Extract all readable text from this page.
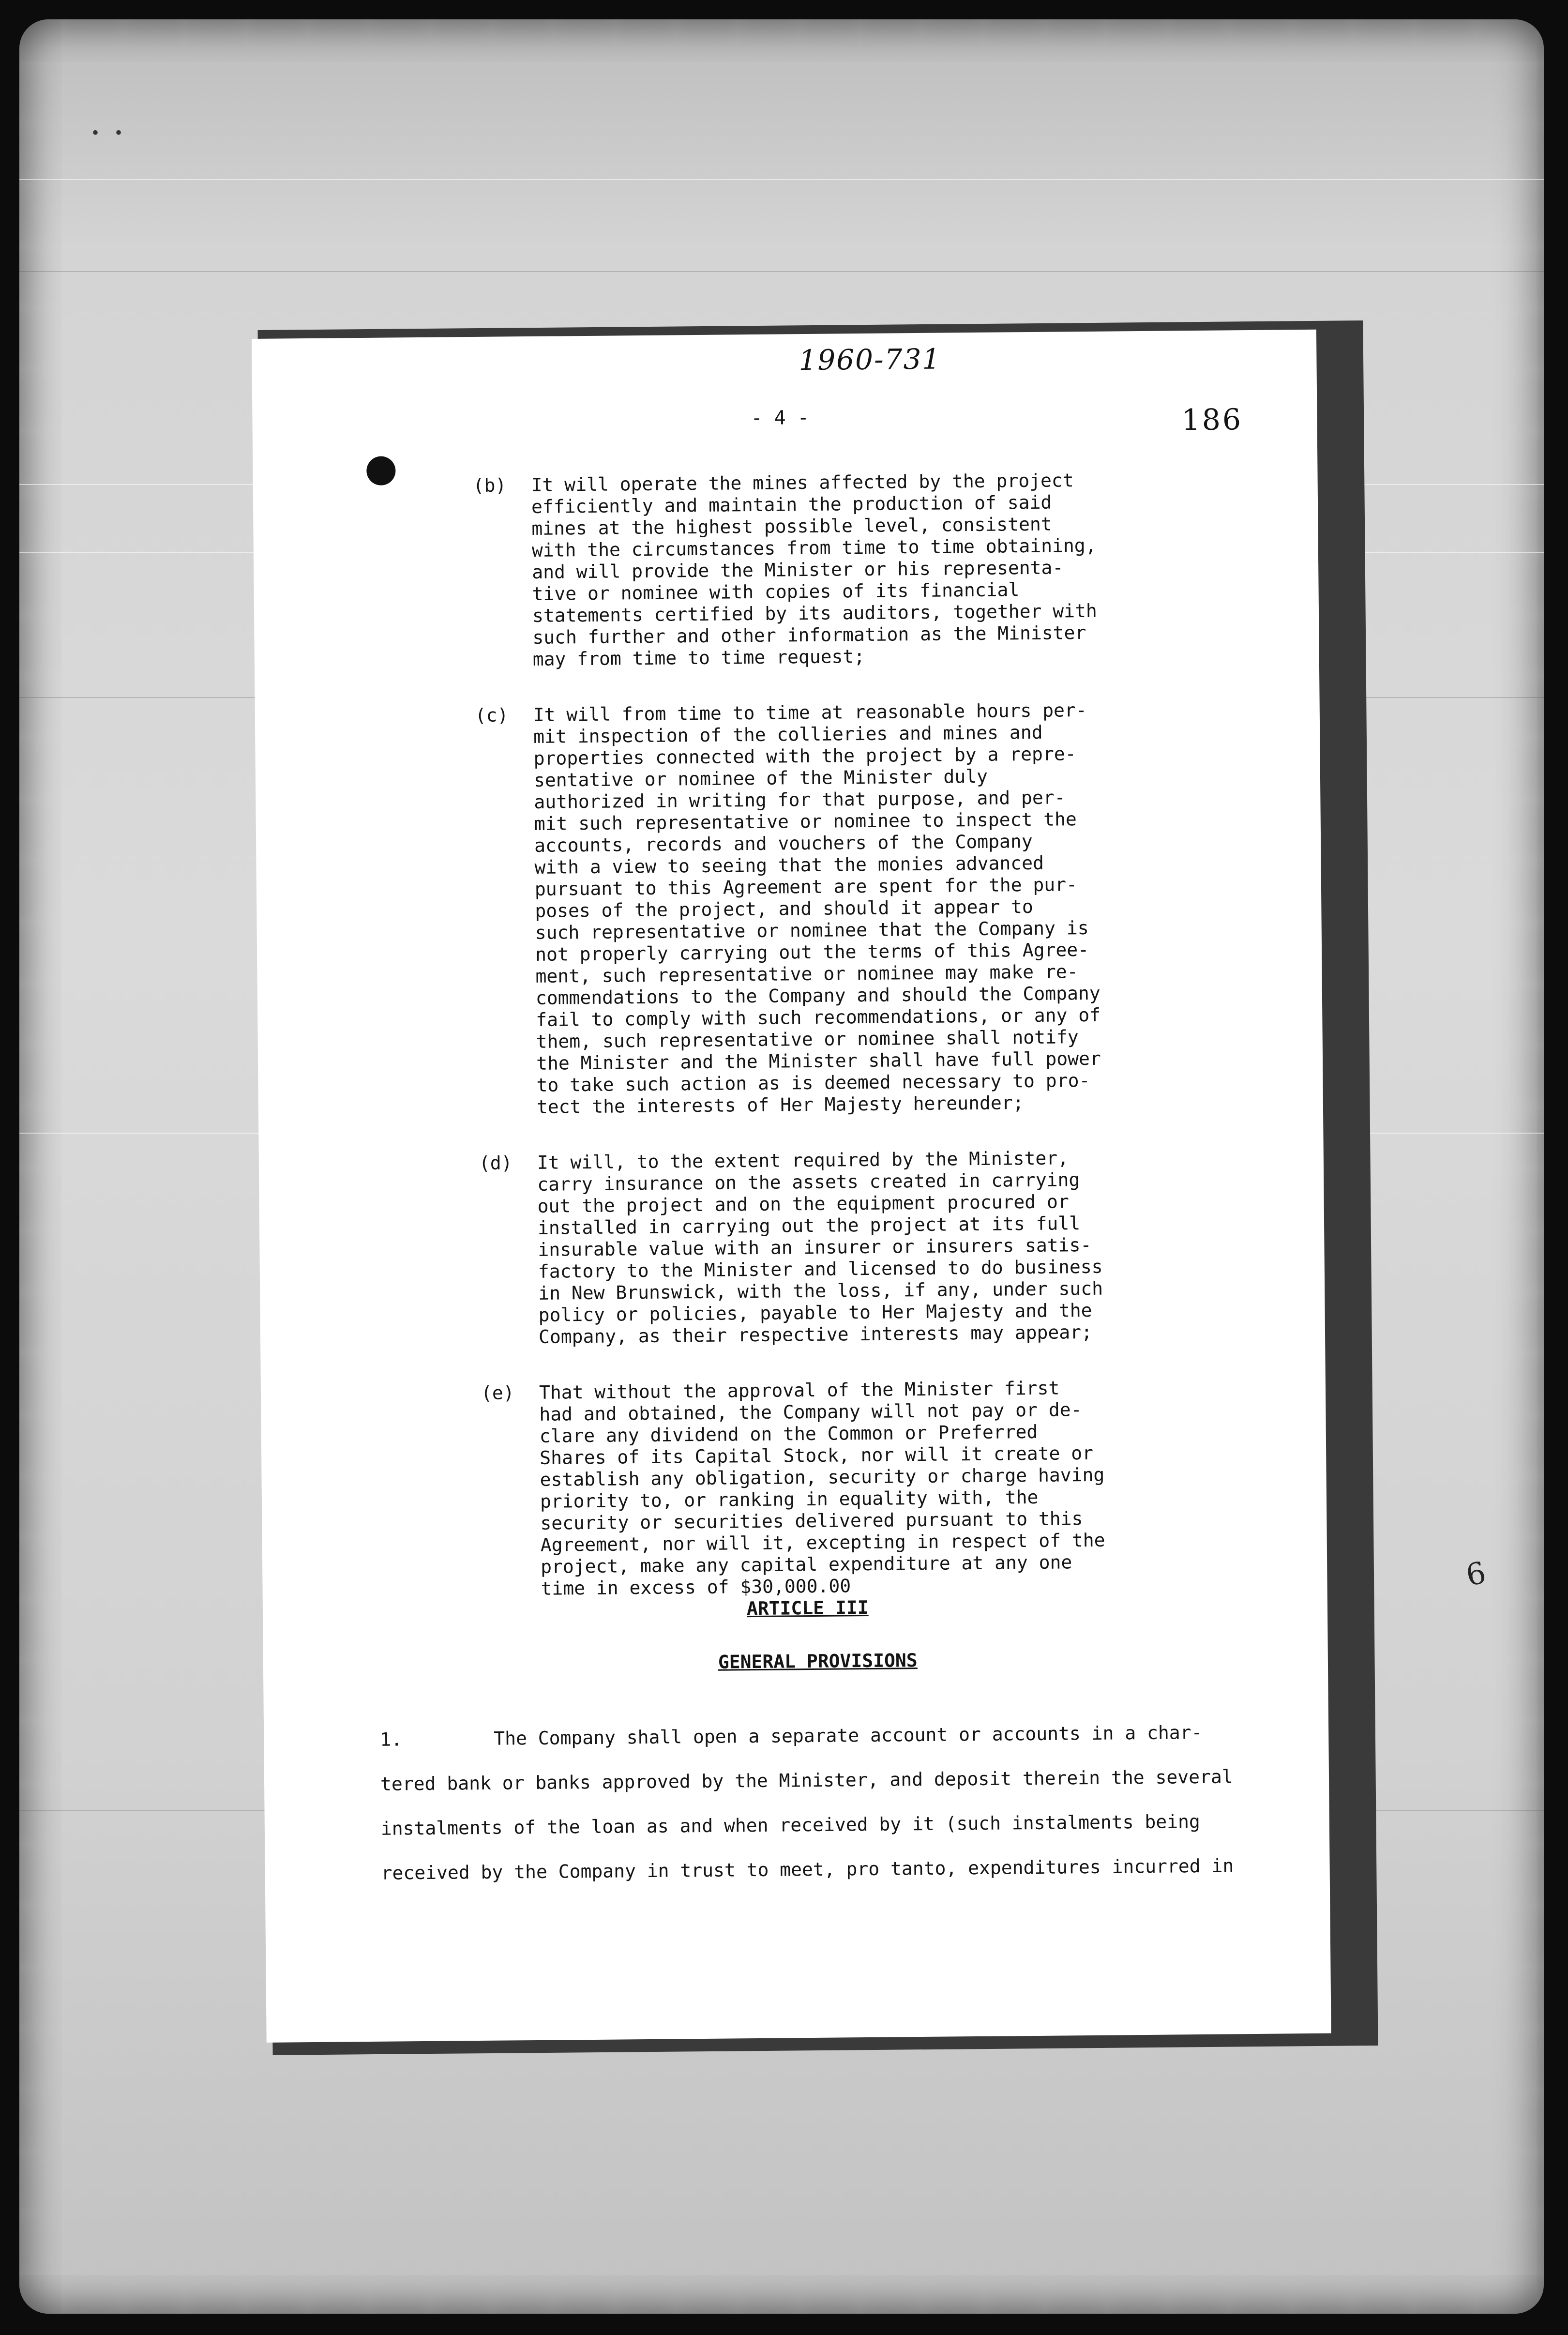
• •
1960-731
- 4 -	186
(b) It will operate the mines affected by the project
efficiently and maintain the production of said
mines at the highest possible level, consistent
with the circumstances from time to time obtaining,
and will provide the Minister or his representa-
tive or nominee with copies of its financial
statements certified by its auditors, together with
such further and other information as the Minister
may from time to time request;
(c) It will from time to time at reasonable hours per-
mit inspection of the collieries and mines and
properties connected with the project by a repre-
sentative or nominee of the Minister duly
authorized in writing for that purpose, and per-
mit such representative or nominee to inspect the
accounts, records and vouchers of the Company
with a view to seeing that the monies advanced
pursuant to this Agreement are spent for the pur-
poses of the project, and should it appear to
such representative or nominee that the Company is
not properly carrying out the terms of this Agree-
ment, such representative or nominee may make re-
commendations to the Company and should the Company
fail to comply with such recommendations, or any of
them, such representative or nominee shall notify
the Minister and the Minister shall have full power
to take such action as is deemed necessary to pro-
tect the interests of Her Majesty hereunder;
(d) It will, to the extent required by the Minister,
carry insurance on the assets created in carrying
out the project and on the equipment procured or
installed in carrying out the project at its full
insurable value with an insurer or insurers satis-
factory to the Minister and licensed to do business
in New Brunswick, with the loss, if any, under such
policy or policies, payable to Her Majesty and the
Company, as their respective interests may appear;
(e) That without the approval of the Minister first
had and obtained, the Company will not pay or de-
clare any dividend on the Common or Preferred
Shares of its Capital Stock, nor will it create or
establish any obligation, security or charge having
priority to, or ranking in equality with, the
security or securities delivered pursuant to this
Agreement, nor will it, excepting in respect of the
project, make any capital expenditure at any one
time in excess of $30,000.00
ARTICLE III
GENERAL PROVISIONS
1.	The Company shall open a separate account or accounts in a char-
tered bank or banks approved by the Minister, and deposit therein the several
instalments of the loan as and when received by it (such instalments being
received by the Company in trust to meet, pro tanto, expenditures incurred in
6
